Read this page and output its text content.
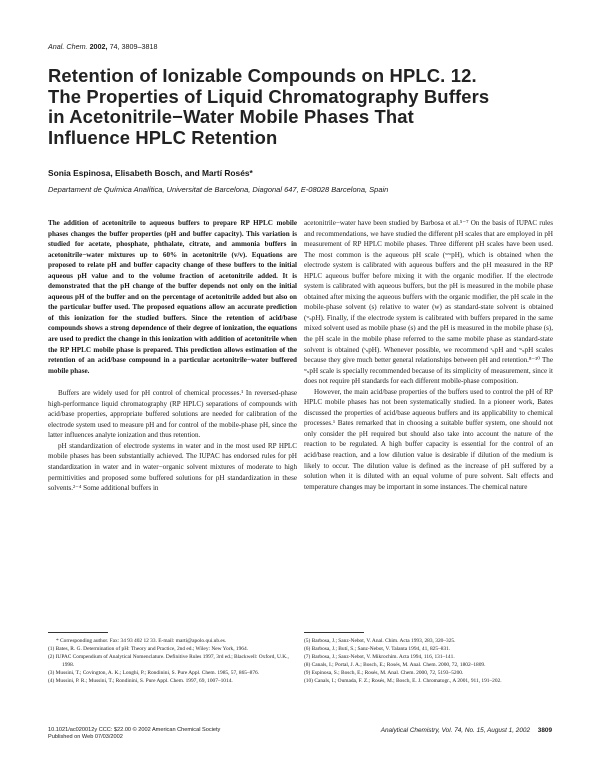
Anal. Chem. 2002, 74, 3809–3818
Retention of Ionizable Compounds on HPLC. 12.
The Properties of Liquid Chromatography Buffers
in Acetonitrile−Water Mobile Phases That
Influence HPLC Retention
Sonia Espinosa, Elisabeth Bosch, and Martí Rosés*
Departament de Química Analítica, Universitat de Barcelona, Diagonal 647, E-08028 Barcelona, Spain

The addition of acetonitrile to aqueous buffers to prepare RP HPLC mobile phases changes the buffer properties (pH and buffer capacity). This variation is studied for acetate, phosphate, phthalate, citrate, and ammonia buffers in acetonitrile−water mixtures up to 60% in acetonitrile (v/v). Equations are proposed to relate pH and buffer capacity change of these buffers to the initial aqueous pH value and to the volume fraction of acetonitrile added. It is demonstrated that the pH change of the buffer depends not only on the initial aqueous pH of the buffer and on the percentage of acetonitrile added but also on the particular buffer used. The proposed equations allow an accurate prediction of this ionization for the studied buffers. Since the retention of acid/base compounds shows a strong dependence of their degree of ionization, the equations are used to predict the change in this ionization with addition of acetonitrile when the RP HPLC mobile phase is prepared. This prediction allows estimation of the retention of an acid/base compound in a particular acetonitrile−water buffered mobile phase.

Buffers are widely used for pH control of chemical processes.¹ In reversed-phase high-performance liquid chromatography (RP HPLC) separations of compounds with acid/base properties, appropriate buffered solutions are needed for calibration of the electrode system used to measure pH and for control of the mobile-phase pH, since the latter influences analyte ionization and thus retention.

pH standardization of electrode systems in water and in the most used RP HPLC mobile phases has been substantially achieved. The IUPAC has endorsed rules for pH standardization in water and in water−organic solvent mixtures of moderate to high permittivities and proposed some buffered solutions for pH standardization in these solvents.²⁻⁴ Some additional buffers in

acetonitrile−water have been studied by Barbosa et al.⁵⁻⁷ On the basis of IUPAC rules and recommendations, we have studied the different pH scales that are employed in pH measurement of RP HPLC mobile phases. Three different pH scales have been used. The most common is the aqueous pH scale (ʷʷpH), which is obtained when the electrode system is calibrated with aqueous buffers and the pH measured in the RP HPLC aqueous buffer before mixing it with the organic modifier. If the electrode system is calibrated with aqueous buffers, but the pH is measured in the mobile phase obtained after mixing the aqueous buffers with the organic modifier, the pH scale in the mobile-phase solvent (s) relative to water (w) as standard-state solvent is obtained (ʷₛpH). Finally, if the electrode system is calibrated with buffers prepared in the same mixed solvent used as mobile phase (s) and the pH is measured in the mobile phase (s), the pH scale in the mobile phase referred to the same mobile phase as standard-state solvent is obtained (ˢₛpH). Whenever possible, we recommend ˢₛpH and ʷₛpH scales because they give much better general relationships between pH and retention.⁸⁻¹⁰ The ʷₛpH scale is specially recommended because of its simplicity of measurement, since it does not require pH standards for each different mobile-phase composition.

However, the main acid/base properties of the buffers used to control the pH of RP HPLC mobile phases has not been systematically studied. In a pioneer work, Bates discussed the properties of acid/base aqueous buffers and its applicability to chemical processes.¹ Bates remarked that in choosing a suitable buffer system, one should not only consider the pH required but should also take into account the nature of the reaction to be regulated. A high buffer capacity is essential for the control of an acid/base reaction, and a low dilution value is desirable if dilution of the medium is likely to occur. The dilution value is defined as the increase of pH suffered by a solution when it is diluted with an equal volume of pure solvent. Salt effects and temperature changes may be important in some instances. The chemical nature

* Corresponding author. Fax: 34 93 402 12 33. E-mail: marti@apolo.qui.ub.es.

(1) Bates, R. G. Determination of pH: Theory and Practice, 2nd ed.; Wiley: New York, 1964.

(2) IUPAC Compendium of Analytical Nomenclature. Definitive Rules 1997, 3rd ed.; Blackwell: Oxford, U.K., 1998.

(3) Mussini, T.; Covington, A. K.; Longhi, P.; Rondinini, S. Pure Appl. Chem. 1985, 57, 865–876.

(4) Mussini, P. R.; Mussini, T.; Rondinini, S. Pure Appl. Chem. 1997, 69, 1007–1014.

(5) Barbosa, J.; Sanz-Nebot, V. Anal. Chim. Acta 1993, 283, 320–325.

(6) Barbosa, J.; Butí, S.; Sanz-Nebot, V. Talanta 1994, 41, 825–831.

(7) Barbosa, J.; Sanz-Nebot, V. Mikrochim. Acta 1994, 116, 131–141.

(8) Canals, I.; Portal, J. A.; Bosch, E.; Rosés, M. Anal. Chem. 2000, 72, 1802–1809.

(9) Espinosa, S.; Bosch, E.; Rosés, M. Anal. Chem. 2000, 72, 5193–5200.

(10) Canals, I.; Oumada, F. Z.; Rosés, M.; Bosch, E. J. Chromatogr., A 2001, 911, 191–202.

10.1021/ac020012y CCC: $22.00 © 2002 American Chemical Society
Published on Web 07/03/2002
Analytical Chemistry, Vol. 74, No. 15, August 1, 2002 3809
